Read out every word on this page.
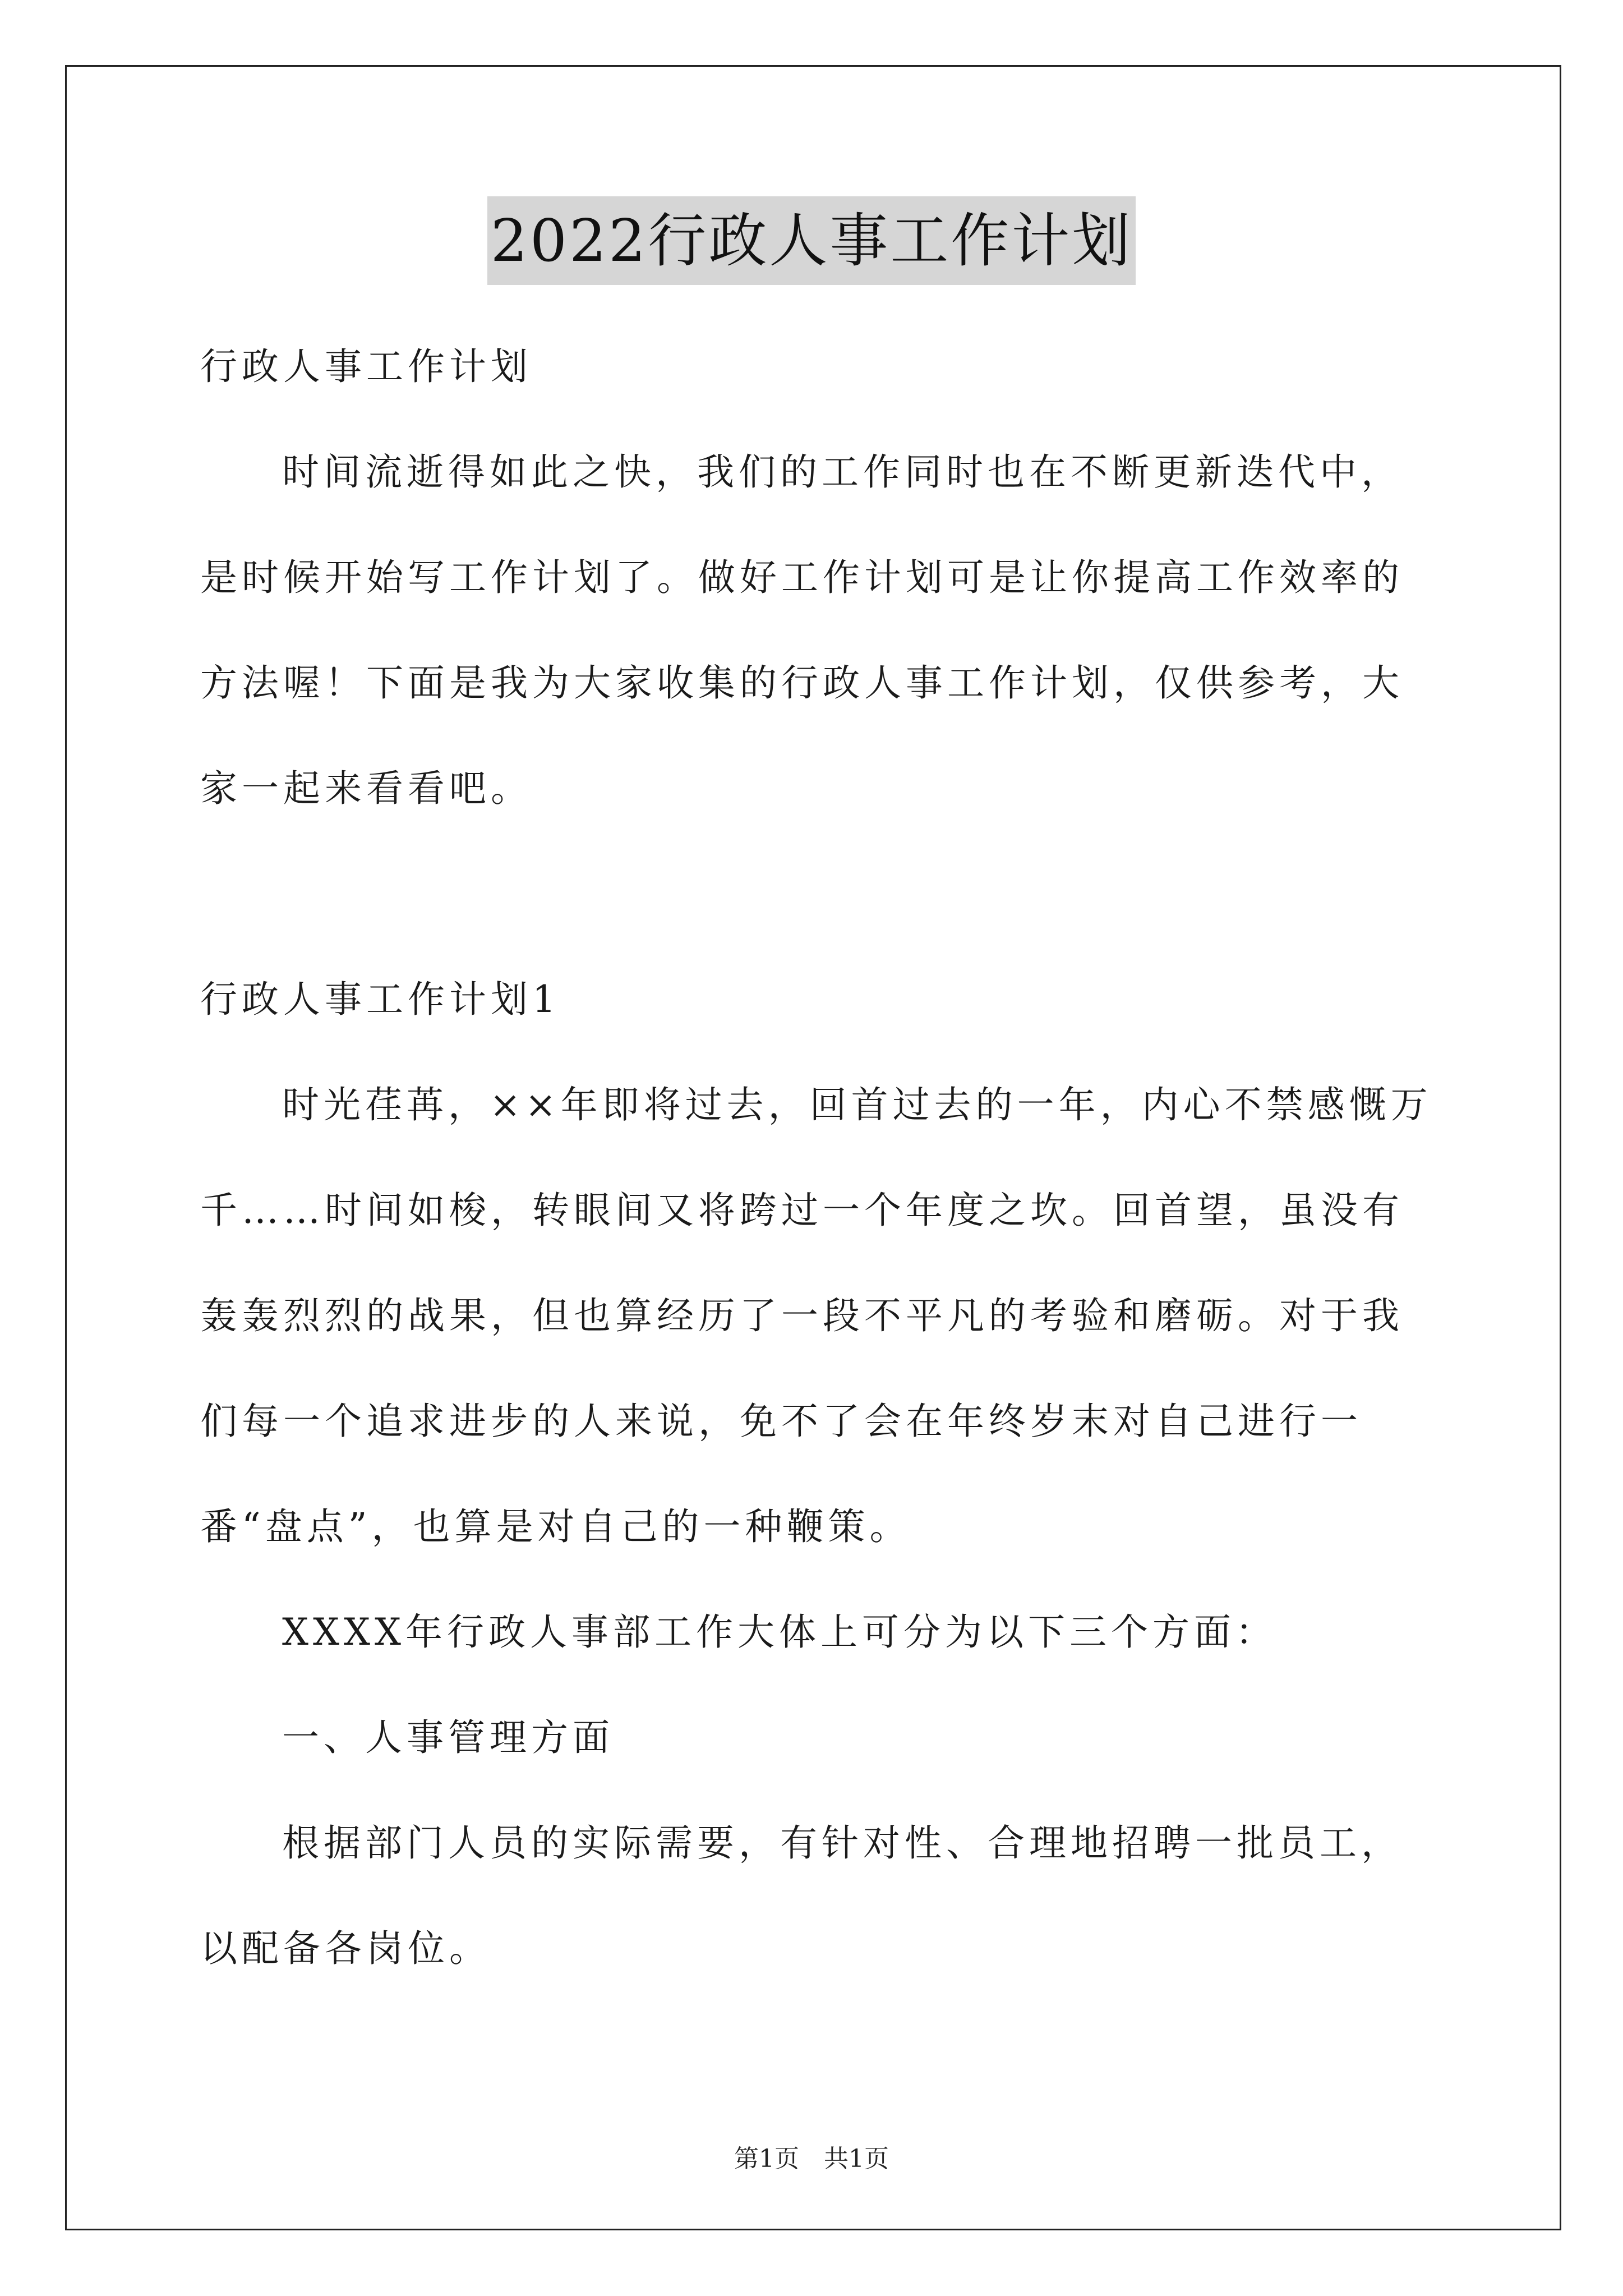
2022行政人事工作计划

行政人事工作计划

时间流逝得如此之快，我们的工作同时也在不断更新迭代中，是时候开始写工作计划了。做好工作计划可是让你提高工作效率的方法喔！下面是我为大家收集的行政人事工作计划，仅供参考，大家一起来看看吧。

行政人事工作计划1

时光荏苒，××年即将过去，回首过去的一年，内心不禁感慨万千……时间如梭，转眼间又将跨过一个年度之坎。回首望，虽没有轰轰烈烈的战果，但也算经历了一段不平凡的考验和磨砺。对于我们每一个追求进步的人来说，免不了会在年终岁末对自己进行一番“盘点”，也算是对自己的一种鞭策。

XXXX年行政人事部工作大体上可分为以下三个方面：

一、人事管理方面

根据部门人员的实际需要，有针对性、合理地招聘一批员工，以配备各岗位。

第1页 共1页
